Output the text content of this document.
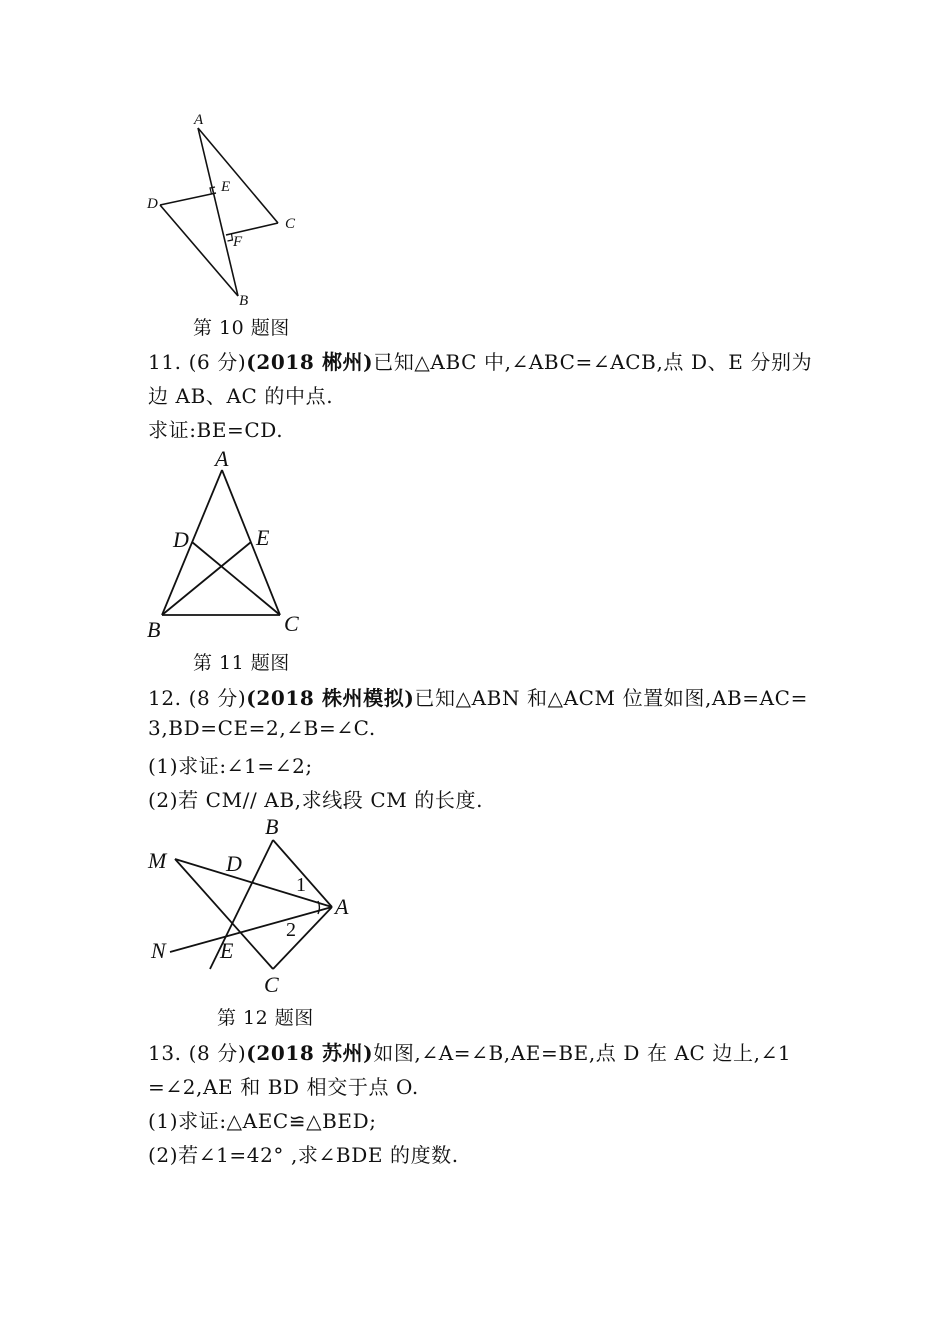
A
E
D
C
F
B
第 10 题图
11. (6 分)(2018 郴州)已知△ABC 中,∠ABC=∠ACB,点 D、E 分别为
边 AB、AC 的中点.
求证:BE=CD.
A
D	E
B	C
第 11 题图
12. (8 分)(2018 株州模拟)已知△ABN 和△ACM 位置如图,AB=AC=
3,BD=CE=2,∠B=∠C.
(1)求证:∠1=∠2;
(2)若 CM// AB,求线段 CM 的长度.
B
M	D
1
A
2
N E
C
第 12 题图
13. (8 分)(2018 苏州)如图,∠A=∠B,AE=BE,点 D 在 AC 边上,∠1
=∠2,AE 和 BD 相交于点 O.
(1)求证:△AEC≌△BED;
(2)若∠1=42° ,求∠BDE 的度数.
